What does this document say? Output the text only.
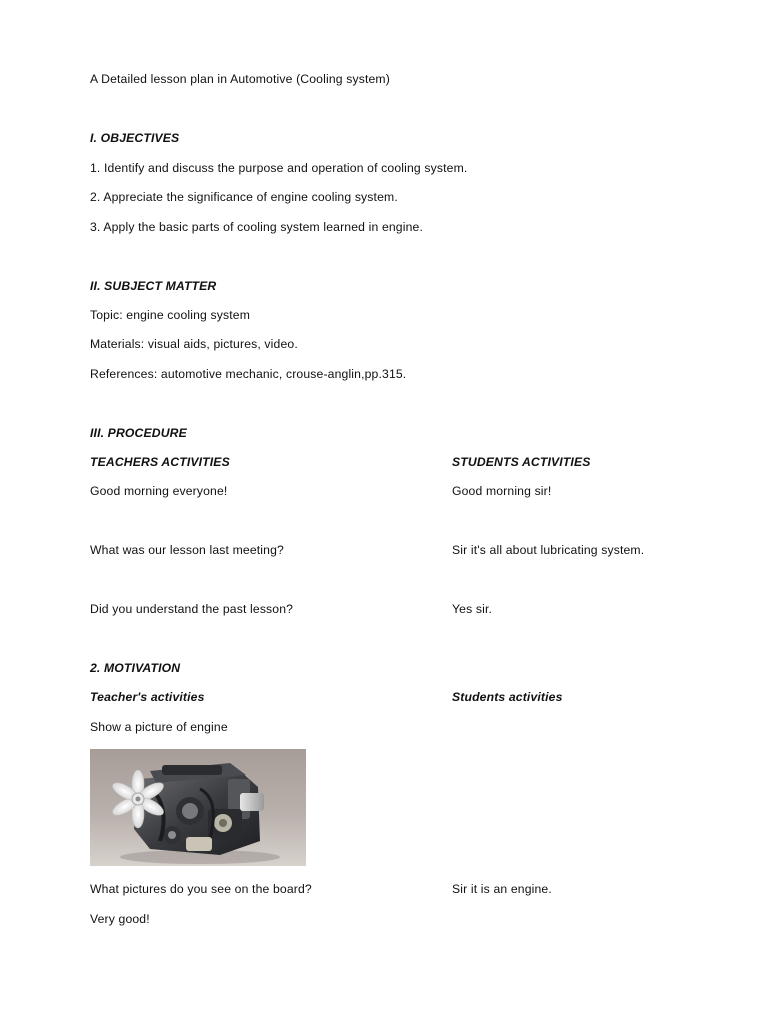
A Detailed lesson plan in Automotive (Cooling system)
I. OBJECTIVES
1. Identify and discuss the purpose and operation of cooling system.
2. Appreciate the significance of engine cooling system.
3. Apply the basic parts of cooling system learned in engine.
II. SUBJECT MATTER
Topic: engine cooling system
Materials: visual aids, pictures, video.
References: automotive mechanic, crouse-anglin,pp.315.
III. PROCEDURE
TEACHERS ACTIVITIES	STUDENTS ACTIVITIES
Good morning everyone!	Good morning sir!
What was our lesson last meeting?	Sir it's all about lubricating system.
Did you understand the past lesson?	Yes sir.
2. MOTIVATION
Teacher's activities	Students activities
Show a picture of engine
What pictures do you see on the board?	Sir it is an engine.
Very good!
